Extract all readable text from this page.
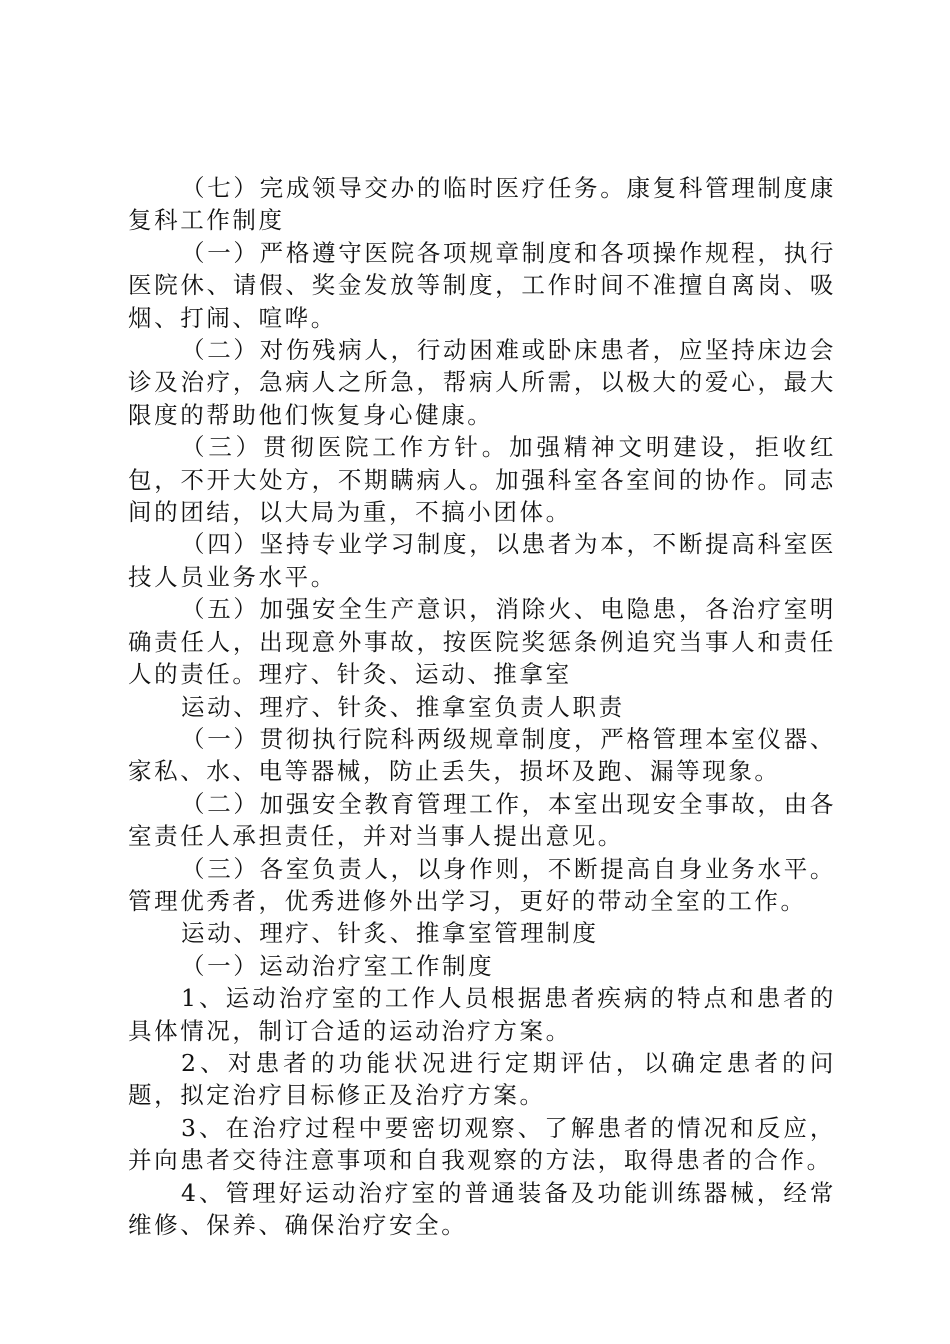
（七）完成领导交办的临时医疗任务。康复科管理制度康复科工作制度

（一）严格遵守医院各项规章制度和各项操作规程，执行医院休、请假、奖金发放等制度，工作时间不准擅自离岗、吸烟、打闹、喧哗。

（二）对伤残病人，行动困难或卧床患者，应坚持床边会诊及治疗，急病人之所急，帮病人所需，以极大的爱心，最大限度的帮助他们恢复身心健康。

（三）贯彻医院工作方针。加强精神文明建设，拒收红包，不开大处方，不期瞒病人。加强科室各室间的协作。同志间的团结，以大局为重，不搞小团体。

（四）坚持专业学习制度，以患者为本，不断提高科室医技人员业务水平。

（五）加强安全生产意识，消除火、电隐患，各治疗室明确责任人，出现意外事故，按医院奖惩条例追究当事人和责任人的责任。理疗、针灸、运动、推拿室

运动、理疗、针灸、推拿室负责人职责

（一）贯彻执行院科两级规章制度，严格管理本室仪器、家私、水、电等器械，防止丢失，损坏及跑、漏等现象。

（二）加强安全教育管理工作，本室出现安全事故，由各室责任人承担责任，并对当事人提出意见。

（三）各室负责人，以身作则，不断提高自身业务水平。管理优秀者，优秀进修外出学习，更好的带动全室的工作。

运动、理疗、针炙、推拿室管理制度

（一）运动治疗室工作制度

1、运动治疗室的工作人员根据患者疾病的特点和患者的具体情况，制订合适的运动治疗方案。

2、对患者的功能状况进行定期评估，以确定患者的问题，拟定治疗目标修正及治疗方案。

3、在治疗过程中要密切观察、了解患者的情况和反应，并向患者交待注意事项和自我观察的方法，取得患者的合作。

4、管理好运动治疗室的普通装备及功能训练器械，经常维修、保养、确保治疗安全。
